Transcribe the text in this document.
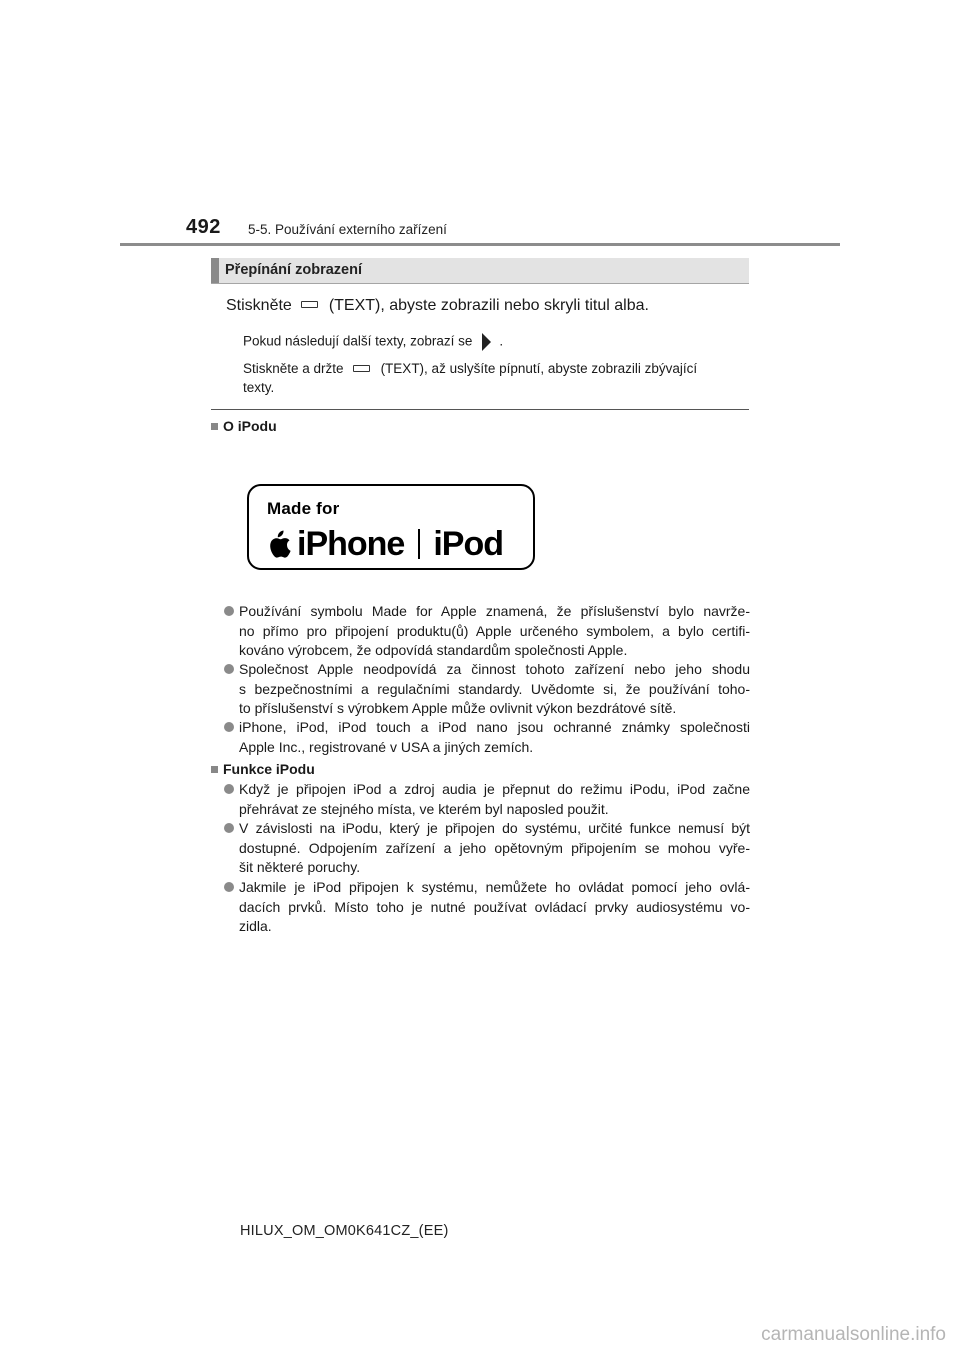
492 5-5. Používání externího zařízení
Přepínání zobrazení
Stiskněte (TEXT), abyste zobrazili nebo skryli titul alba.
Pokud následují další texty, zobrazí se .
Stiskněte a držte	(TEXT), až uslyšíte pípnutí, abyste zobrazili zbývající
texty.
O iPodu
Made for
iPhone iPod
Používání symbolu Made for Apple znamená, že příslušenství bylo navrže-
no přímo pro připojení produktu(ů) Apple určeného symbolem, a bylo certifi-
kováno výrobcem, že odpovídá standardům společnosti Apple.
Společnost Apple neodpovídá za činnost tohoto zařízení nebo jeho shodu
s bezpečnostními a regulačními standardy. Uvědomte si, že používání toho-
to příslušenství s výrobkem Apple může ovlivnit výkon bezdrátové sítě.
iPhone, iPod, iPod touch a iPod nano jsou ochranné známky společnosti
Apple Inc., registrované v USA a jiných zemích.
Funkce iPodu
Když je připojen iPod a zdroj audia je přepnut do režimu iPodu, iPod začne
přehrávat ze stejného místa, ve kterém byl naposled použit.
V závislosti na iPodu, který je připojen do systému, určité funkce nemusí být
dostupné. Odpojením zařízení a jeho opětovným připojením se mohou vyře-
šit některé poruchy.
Jakmile je iPod připojen k systému, nemůžete ho ovládat pomocí jeho ovlá-
dacích prvků. Místo toho je nutné používat ovládací prvky audiosystému vo-
zidla.
HILUX_OM_OM0K641CZ_(EE)
carmanualsonline.info
